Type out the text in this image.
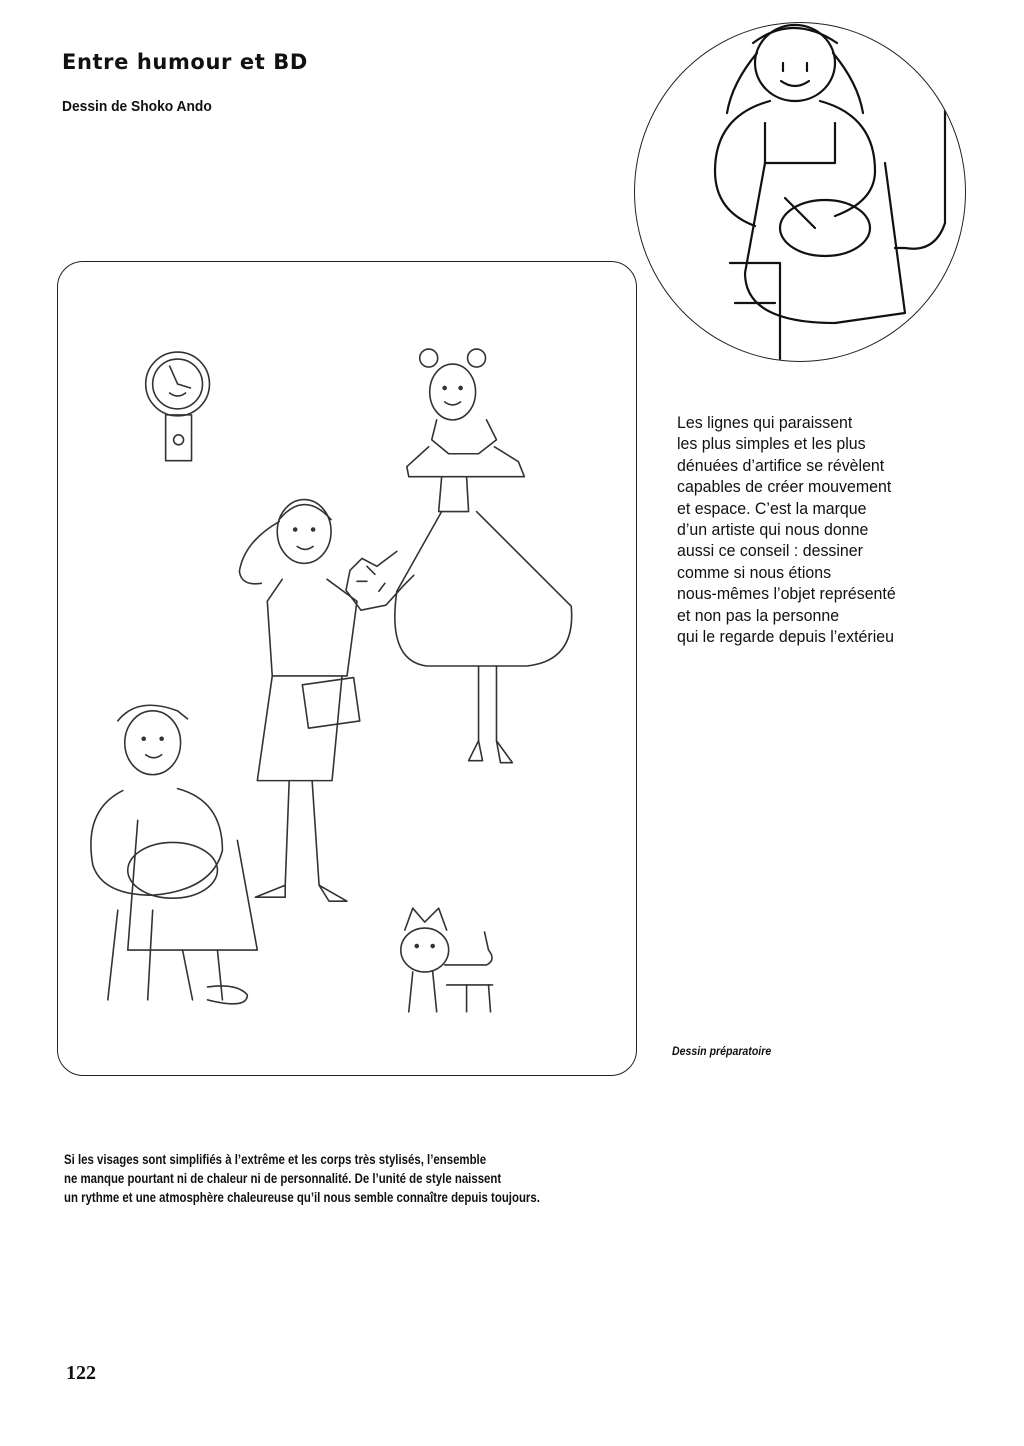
Entre humour et BD
Dessin de Shoko Ando
Les lignes qui paraissent
les plus simples et les plus
dénuées d’artifice se révèlent
capables de créer mouvement
et espace. C’est la marque
d’un artiste qui nous donne
aussi ce conseil : dessiner
comme si nous étions
nous-mêmes l’objet représenté
et non pas la personne
qui le regarde depuis l’extérieu
Dessin préparatoire
Si les visages sont simplifiés à l’extrême et les corps très stylisés, l’ensemble
ne manque pourtant ni de chaleur ni de personnalité. De l’unité de style naissent
un rythme et une atmosphère chaleureuse qu’il nous semble connaître depuis toujours.
122
